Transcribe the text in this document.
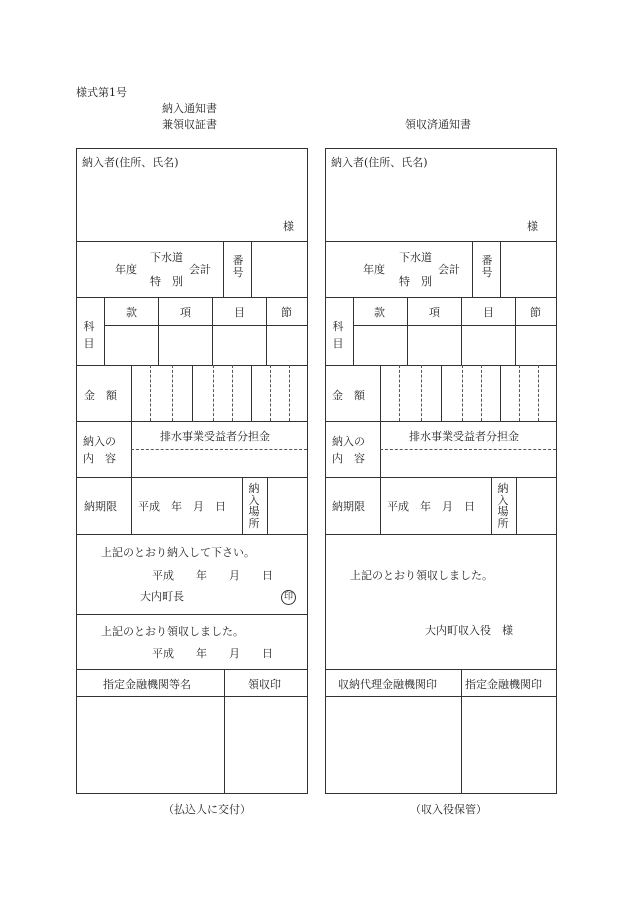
様式第1号
納入通知書
兼領収証書
納入者(住所、氏名)
様
年度
下水道
特　別
会計
番号
科目
款	項	目	節
金　額
納入の
内　容
排水事業受益者分担金
納期限 平成　年　月　日
納入場所
上記のとおり納入して下さい。
平成　　年　　月　　日
大内町長	印
上記のとおり領収しました。
平成　　年　　月　　日
指定金融機関等名	領収印
（払込人に交付）
領収済通知書
納入者(住所、氏名)
様
年度
下水道
特　別
会計
番号
科目
款	項	目	節
金　額
納入の
内　容
排水事業受益者分担金
納期限 平成　年　月　日
納入場所
上記のとおり領収しました。
大内町収入役　様
収納代理金融機関印	指定金融機関印
（収入役保管）
